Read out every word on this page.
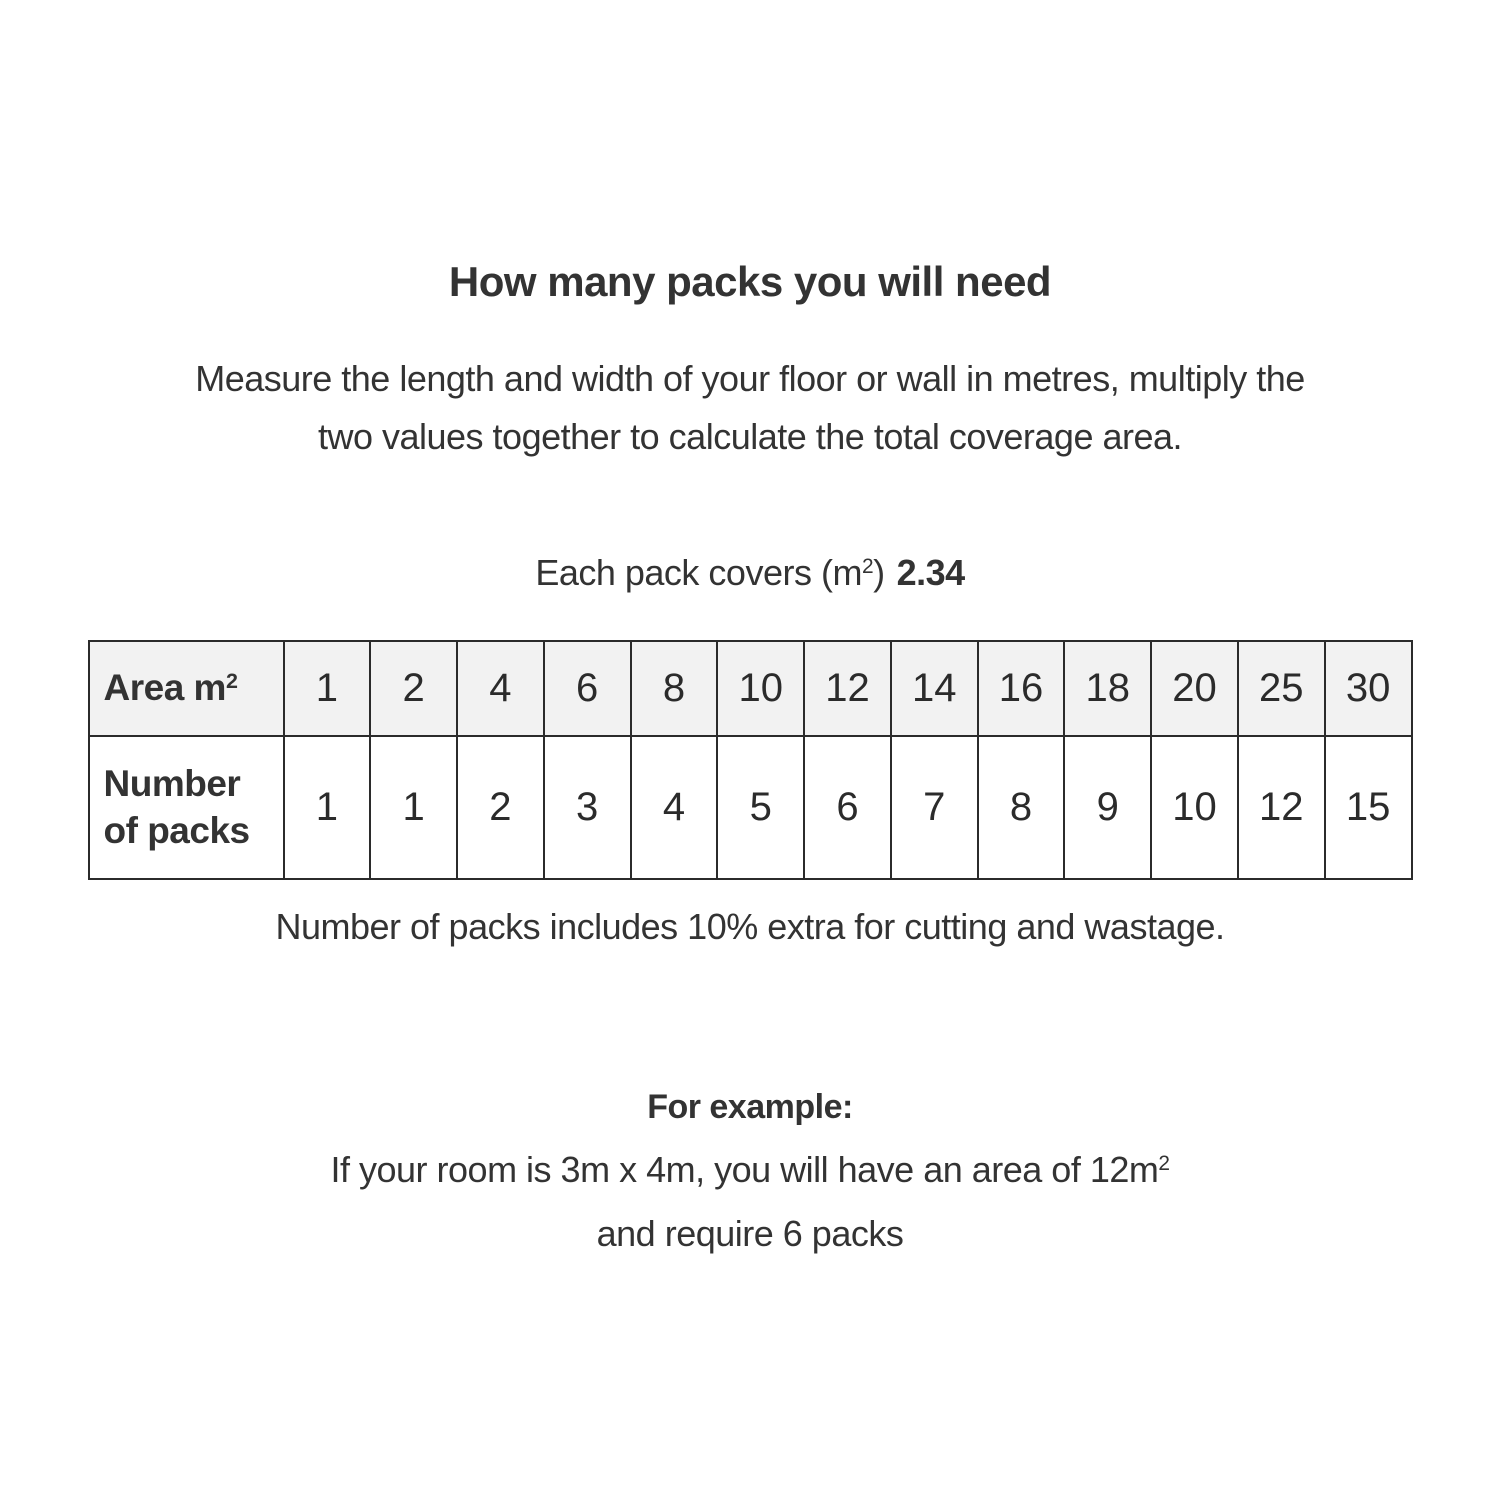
How many packs you will need

Measure the length and width of your floor or wall in metres, multiply the
two values together to calculate the total coverage area.

Each pack covers $(m^2)$ 2.34

Area $m^2$	1	2	4	6	8	10	12	14	16	18	20	25	30
Number of packs	1	1	2	3	4	5	6	7	8	9	10	12	15

Number of packs includes 10% extra for cutting and wastage.

For example:

If your room is 3m x 4m, you will have an area of $12m^2$

and require 6 packs
